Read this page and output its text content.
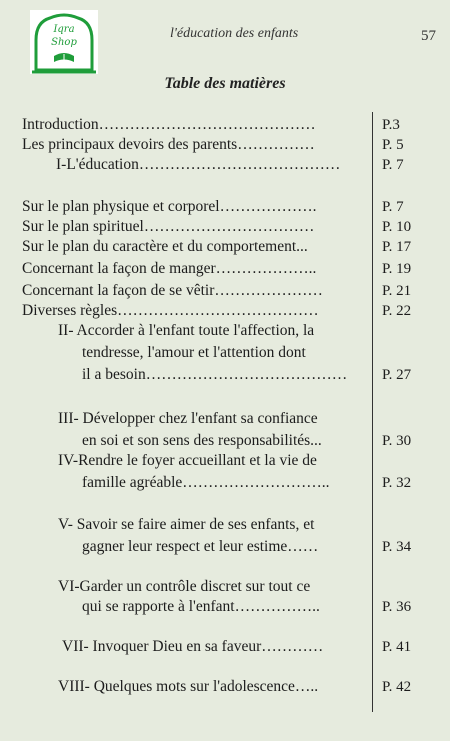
Iqra
Shop
l'éducation des enfants	57
Table des matières
Introduction……………………………………	P.3
Les principaux devoirs des parents……………	P. 5
I-L'éducation…………………………………	P. 7
Sur le plan physique et corporel……………….	P. 7
Sur le plan spirituel……………………………	P. 10
Sur le plan du caractère et du comportement...	P. 17
Concernant la façon de manger………………..	P. 19
Concernant la façon de se vêtir…………………	P. 21
Diverses règles…………………………………	P. 22
II- Accorder à l'enfant toute l'affection, la
tendresse, l'amour et l'attention dont
il a besoin………………………………… P. 27
III- Développer chez l'enfant sa confiance
en soi et son sens des responsabilités...	P. 30
IV-Rendre le foyer accueillant et la vie de
famille agréable………………………..	P. 32
V- Savoir se faire aimer de ses enfants, et
gagner leur respect et leur estime……	P. 34
VI-Garder un contrôle discret sur tout ce
qui se rapporte à l'enfant……………..	P. 36
VII- Invoquer Dieu en sa faveur…………	P. 41
VIII- Quelques mots sur l'adolescence…..	P. 42
